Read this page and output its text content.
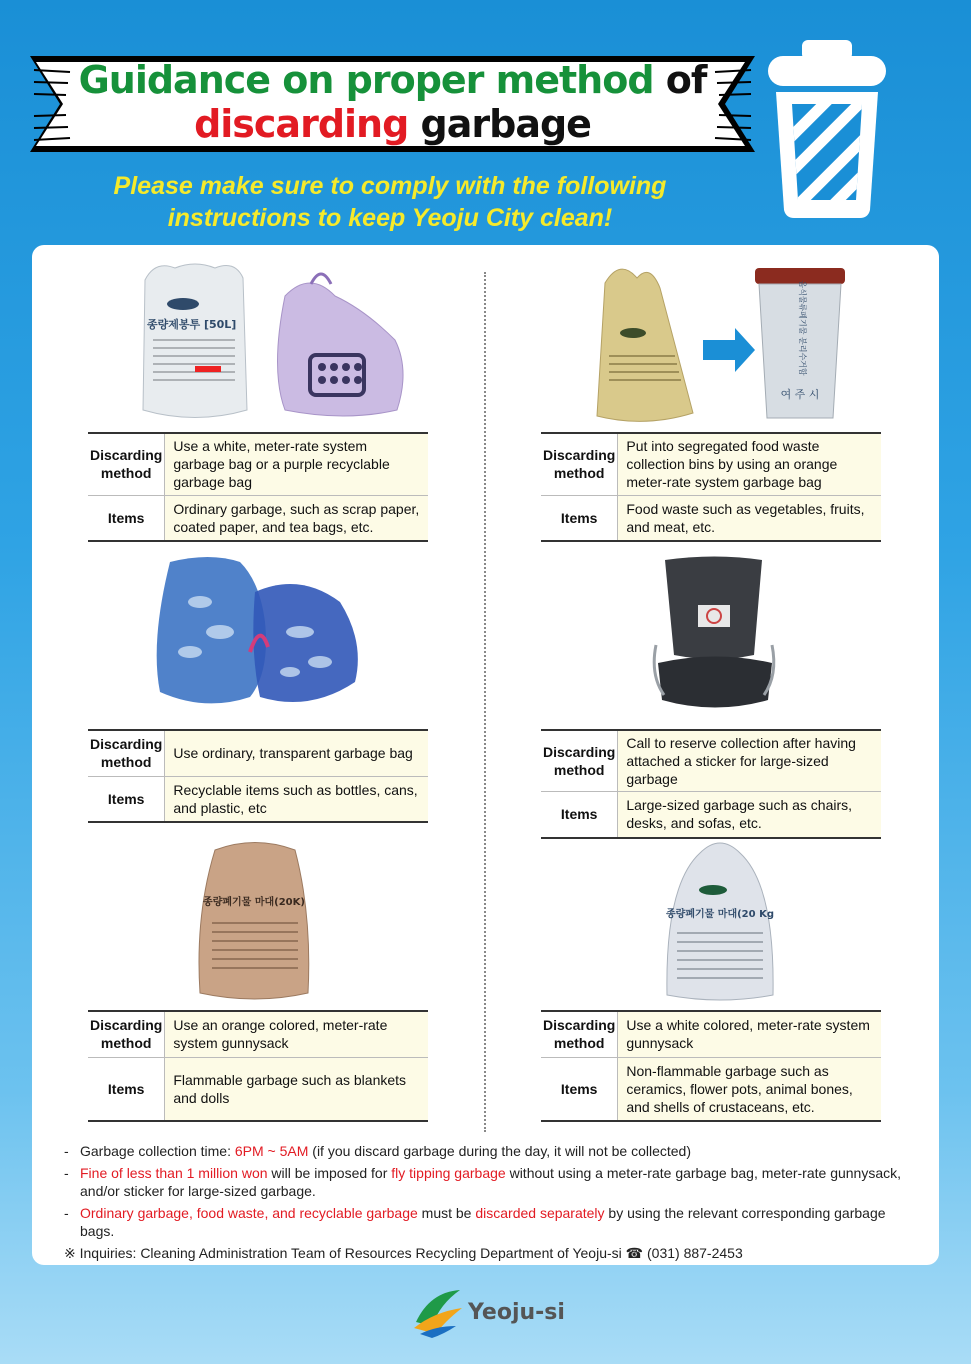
Guidance on proper method of
discarding garbage
Please make sure to comply with the following
instructions to keep Yeoju City clean!
종량제봉투 [50L]
Discarding
method	Use a white, meter-rate system garbage bag or a purple recyclable garbage bag
Items	Ordinary garbage, such as scrap paper, coated paper, and tea bags, etc.
음식물류폐기물 분리수거함
여 주 시
Discarding
method	Put into segregated food waste collection bins by using an orange meter-rate system garbage bag
Items	Food waste such as vegetables, fruits, and meat, etc.
Discarding
method	Use ordinary, transparent garbage bag
Items	Recyclable items such as bottles, cans, and plastic, etc
Discarding
method	Call to reserve collection after having attached a sticker for large-sized garbage
Items	Large-sized garbage such as chairs, desks, and sofas, etc.
종량폐기물 마대(20K)
Discarding
method	Use an orange colored, meter-rate system gunnysack
Items	Flammable garbage such as blankets and dolls
종량폐기물 마대(20 Kg
Discarding
method	Use a white colored, meter-rate system gunnysack
Items	Non-flammable garbage such as ceramics, flower pots, animal bones, and shells of crustaceans, etc.
- Garbage collection time: 6PM ~ 5AM (if you discard garbage during the day, it will not be collected)
- Fine of less than 1 million won will be imposed for fly tipping garbage without using a meter-rate garbage bag, meter-rate gunnysack, and/or sticker for large-sized garbage.
- Ordinary garbage, food waste, and recyclable garbage must be discarded separately by using the relevant corresponding garbage bags.
※ Inquiries: Cleaning Administration Team of Resources Recycling Department of Yeoju-si ☎ (031) 887-2453
Yeoju-si
